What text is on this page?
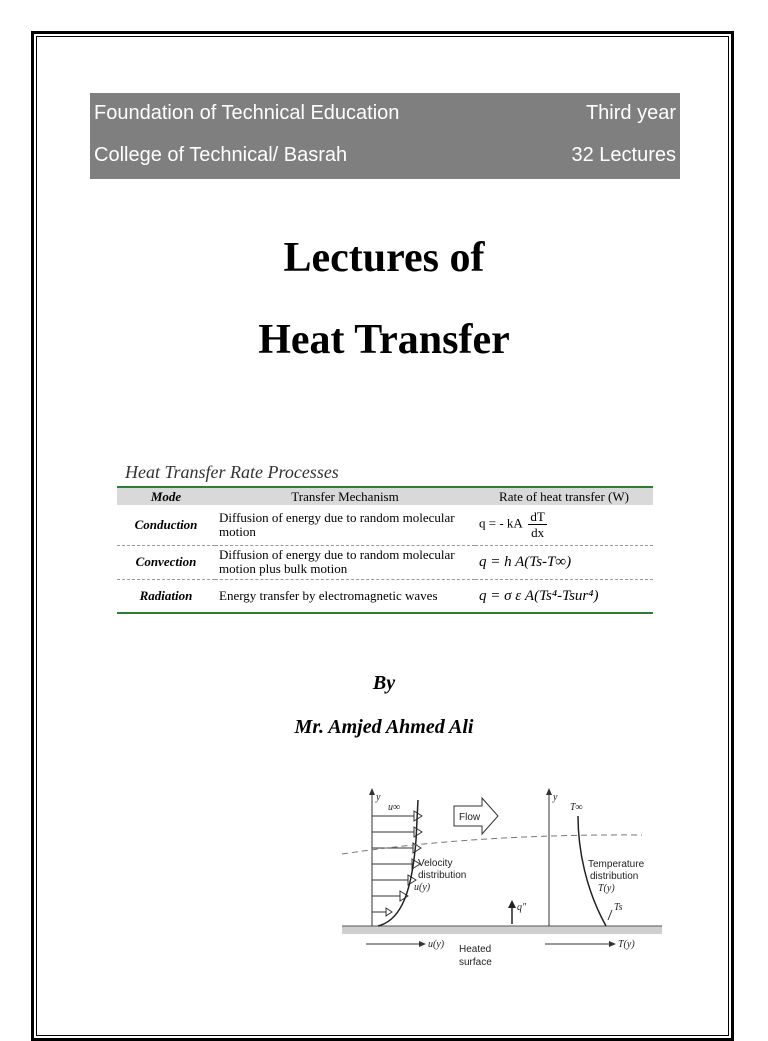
Foundation of Technical Education	Third year
College of Technical/ Basrah	32 Lectures
Lectures of
Heat Transfer
Heat Transfer Rate Processes
Mode	Transfer Mechanism	Rate of heat transfer (W)
Conduction	Diffusion of energy due to random molecular motion	q = - kA $\frac{dT}{dx}$

Convection	Diffusion of energy due to random molecular motion plus bulk motion	q = h A(Ts-T∞)
Radiation	Energy transfer by electromagnetic waves	q = σ ε A(Ts⁴-Tsur⁴)
By
Mr. Amjed Ahmed Ali
y
u∞
Flow
Velocity
distribution
u(y)
q″
Heated
surface
u(y)
y
T∞
Temperature
distribution
T(y)
Ts
T(y)
